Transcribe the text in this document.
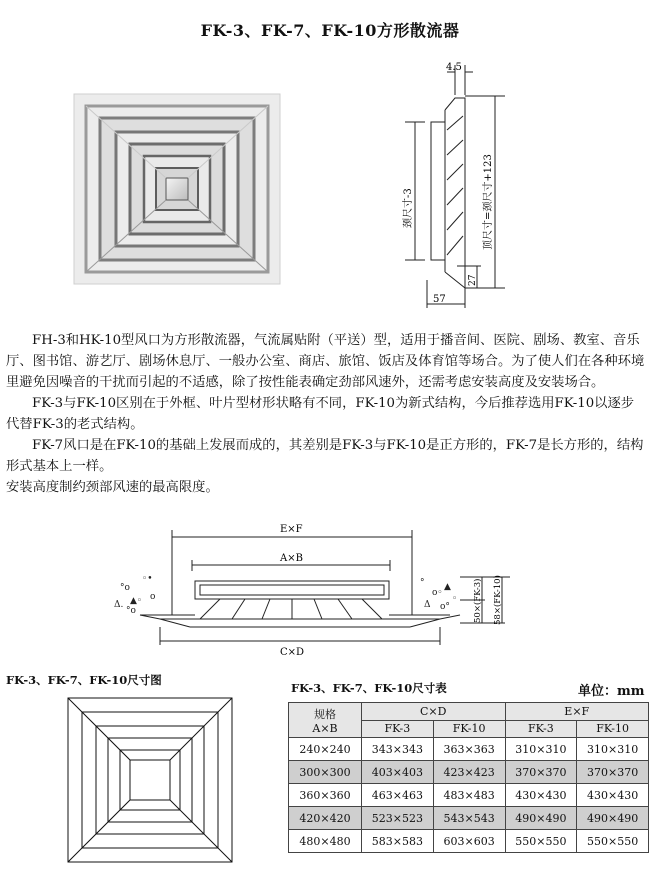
FK-3、FK-7、FK-10方形散流器
4.5
颈尺寸-3	顶尺寸=颈尺寸+123
27
57

FH-3和HK-10型风口为方形散流器，气流属贴附（平送）型，适用于播音间、医院、剧场、教室、音乐厅、图书馆、游艺厅、剧场休息厅、一般办公室、商店、旅馆、饭店及体育馆等场合。为了使人们在各种环境里避免因噪音的干扰而引起的不适感，除了按性能表确定劲部风速外，还需考虑安装高度及安装场合。

FK-3与FK-10区别在于外框、叶片型材形状略有不同，FK-10为新式结构，今后推荐选用FK-10以逐步代替FK-3的老式结构。

FK-7风口是在FK-10的基础上发展而成的，其差别是FK-3与FK-10是正方形的，FK-7是长方形的，结构形式基本上一样。

安装高度制约颈部风速的最高限度。

°o
▲◦
Δ.
◦•
o
°ο
°
o◦
Δ
▲
o°
◦
E×F
A×B
C×D
50×(FK-3) 58×(FK-10)
FK-3、FK-7、FK-10尺寸图
FK-3、FK-7、FK-10尺寸表	单位：mm
规格
A×B	C×D		E×F	
	FK-3	FK-10	FK-3	FK-10
240×240	343×343	363×363	310×310	310×310
300×300	403×403	423×423	370×370	370×370
360×360	463×463	483×483	430×430	430×430
420×420	523×523	543×543	490×490	490×490
480×480	583×583	603×603	550×550	550×550
